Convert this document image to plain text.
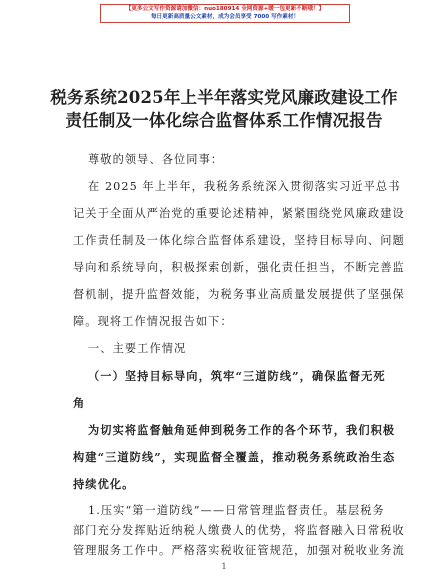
【更多公文写作资源请加微信：nuo180914 全网资源+暖一包更新不断哦！】
每日更新高质量公文素材，成为会员享受 7000 写作素材！
税务系统2025年上半年落实党风廉政建设工作
责任制及一体化综合监督体系工作情况报告
尊敬的领导、各位同事：
在 2025 年上半年，我税务系统深入贯彻落实习近平总书
记关于全面从严治党的重要论述精神，紧紧围绕党风廉政建设
工作责任制及一体化综合监督体系建设，坚持目标导向、问题
导向和系统导向，积极探索创新，强化责任担当，不断完善监
督机制，提升监督效能，为税务事业高质量发展提供了坚强保
障。现将工作情况报告如下：
一、主要工作情况
（一）坚持目标导向，筑牢“三道防线”，确保监督无死
角
为切实将监督触角延伸到税务工作的各个环节，我们积极
构建“三道防线”，实现监督全覆盖，推动税务系统政治生态
持续优化。
1.压实“第一道防线”——日常管理监督责任。基层税务
部门充分发挥贴近纳税人缴费人的优势，将监督融入日常税收
管理服务工作中。严格落实税收征管规范，加强对税收业务流
1
